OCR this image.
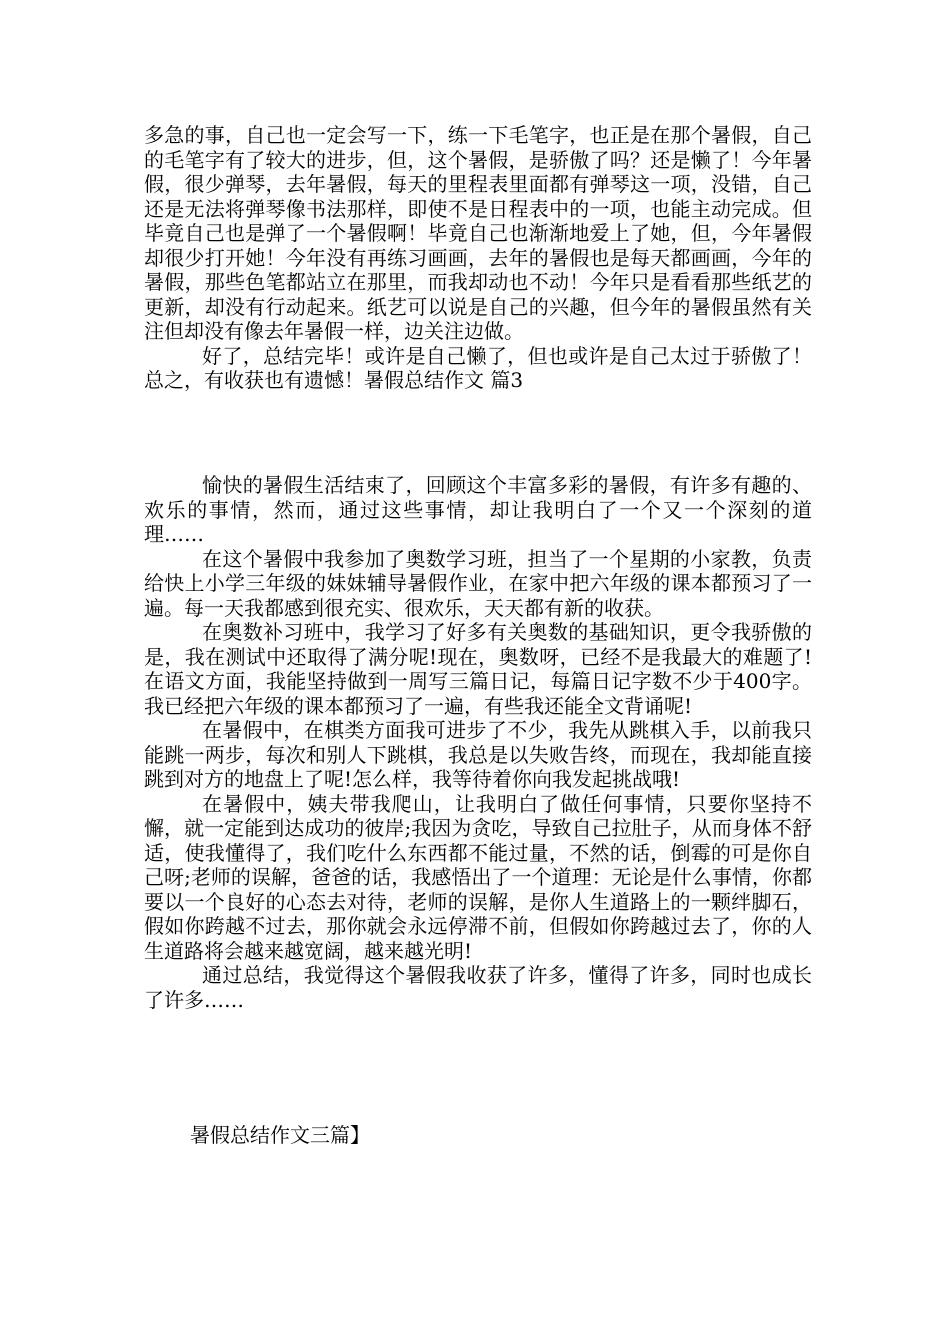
多急的事，自己也一定会写一下，练一下毛笔字，也正是在那个暑假，自己的毛笔字有了较大的进步，但，这个暑假，是骄傲了吗？还是懒了！今年暑假，很少弹琴，去年暑假，每天的里程表里面都有弹琴这一项，没错，自己还是无法将弹琴像书法那样，即使不是日程表中的一项，也能主动完成。但毕竟自己也是弹了一个暑假啊！毕竟自己也渐渐地爱上了她，但，今年暑假却很少打开她！今年没有再练习画画，去年的暑假也是每天都画画，今年的暑假，那些色笔都站立在那里，而我却动也不动！今年只是看看那些纸艺的更新，却没有行动起来。纸艺可以说是自己的兴趣，但今年的暑假虽然有关注但却没有像去年暑假一样，边关注边做。

好了，总结完毕！或许是自己懒了，但也或许是自己太过于骄傲了！总之，有收获也有遗憾！暑假总结作文 篇3

愉快的暑假生活结束了，回顾这个丰富多彩的暑假，有许多有趣的、欢乐的事情，然而，通过这些事情，却让我明白了一个又一个深刻的道理……

在这个暑假中我参加了奥数学习班，担当了一个星期的小家教，负责给快上小学三年级的妹妹辅导暑假作业，在家中把六年级的课本都预习了一遍。每一天我都感到很充实、很欢乐，天天都有新的收获。

在奥数补习班中，我学习了好多有关奥数的基础知识，更令我骄傲的是，我在测试中还取得了满分呢!现在，奥数呀，已经不是我最大的难题了!在语文方面，我能坚持做到一周写三篇日记，每篇日记字数不少于400字。我已经把六年级的课本都预习了一遍，有些我还能全文背诵呢!

在暑假中，在棋类方面我可进步了不少，我先从跳棋入手，以前我只能跳一两步，每次和别人下跳棋，我总是以失败告终，而现在，我却能直接跳到对方的地盘上了呢!怎么样，我等待着你向我发起挑战哦!

在暑假中，姨夫带我爬山，让我明白了做任何事情，只要你坚持不懈，就一定能到达成功的彼岸;我因为贪吃，导致自己拉肚子，从而身体不舒适，使我懂得了，我们吃什么东西都不能过量，不然的话，倒霉的可是你自己呀;老师的误解，爸爸的话，我感悟出了一个道理：无论是什么事情，你都要以一个良好的心态去对待，老师的误解，是你人生道路上的一颗绊脚石，假如你跨越不过去，那你就会永远停滞不前，但假如你跨越过去了，你的人生道路将会越来越宽阔，越来越光明!

通过总结，我觉得这个暑假我收获了许多，懂得了许多，同时也成长了许多……

暑假总结作文三篇】
